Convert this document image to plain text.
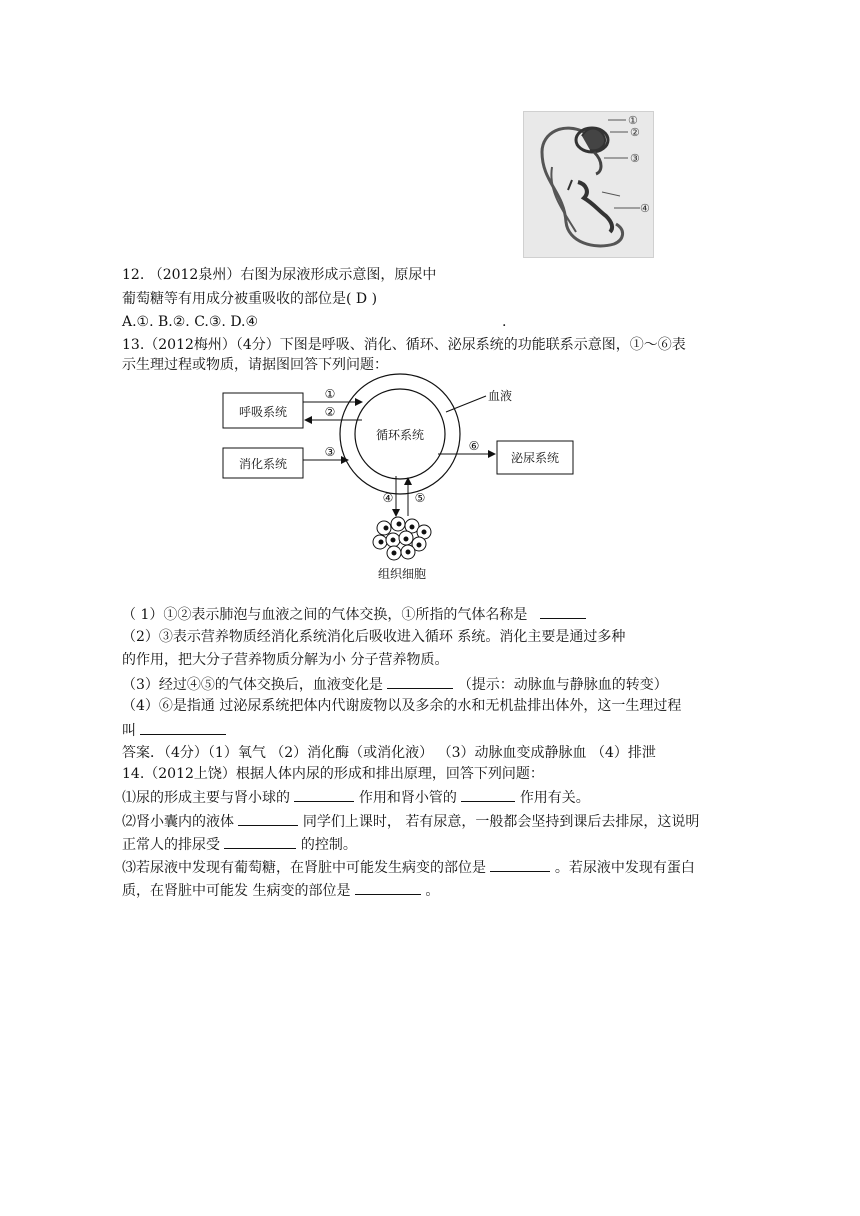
①
②
③
④
12. （2012泉州）右图为尿液形成示意图，原尿中
葡萄糖等有用成分被重吸收的部位是( D )
A.①. B.②. C.③. D.④	.
13.（2012梅州）（4分）下图是呼吸、消化、循环、泌尿系统的功能联系示意图，①～⑥表
示生理过程或物质，请据图回答下列问题：
循环系统
血液
呼吸系统
①
②
消化系统
③	泌尿系统
⑥
④ ⑤
组织细胞
（ 1）①②表示肺泡与血液之间的气体交换，①所指的气体名称是
（2）③表示营养物质经消化系统消化后吸收进入循环 系统。消化主要是通过多种
的作用，把大分子营养物质分解为小 分子营养物质。
（3）经过④⑤的气体交换后，血液变化是	（提示：动脉血与静脉血的转变）
（4）⑥是指通 过泌尿系统把体内代谢废物以及多余的水和无机盐排出体外，这一生理过程
叫
答案．（4分）（1）氧气 （2）消化酶（或消化液） （3）动脉血变成静脉血 （4）排泄
14.（2012上饶）根据人体内尿的形成和排出原理，回答下列问题：
⑴尿的形成主要与肾小球的	作用和肾小管的	作用有关。
⑵肾小囊内的液体	同学们上课时， 若有尿意，一般都会坚持到课后去排尿，这说明
正常人的排尿受	的控制。
⑶若尿液中发现有葡萄糖，在肾脏中可能发生病变的部位是	。若尿液中发现有蛋白
质，在肾脏中可能发 生病变的部位是	。
